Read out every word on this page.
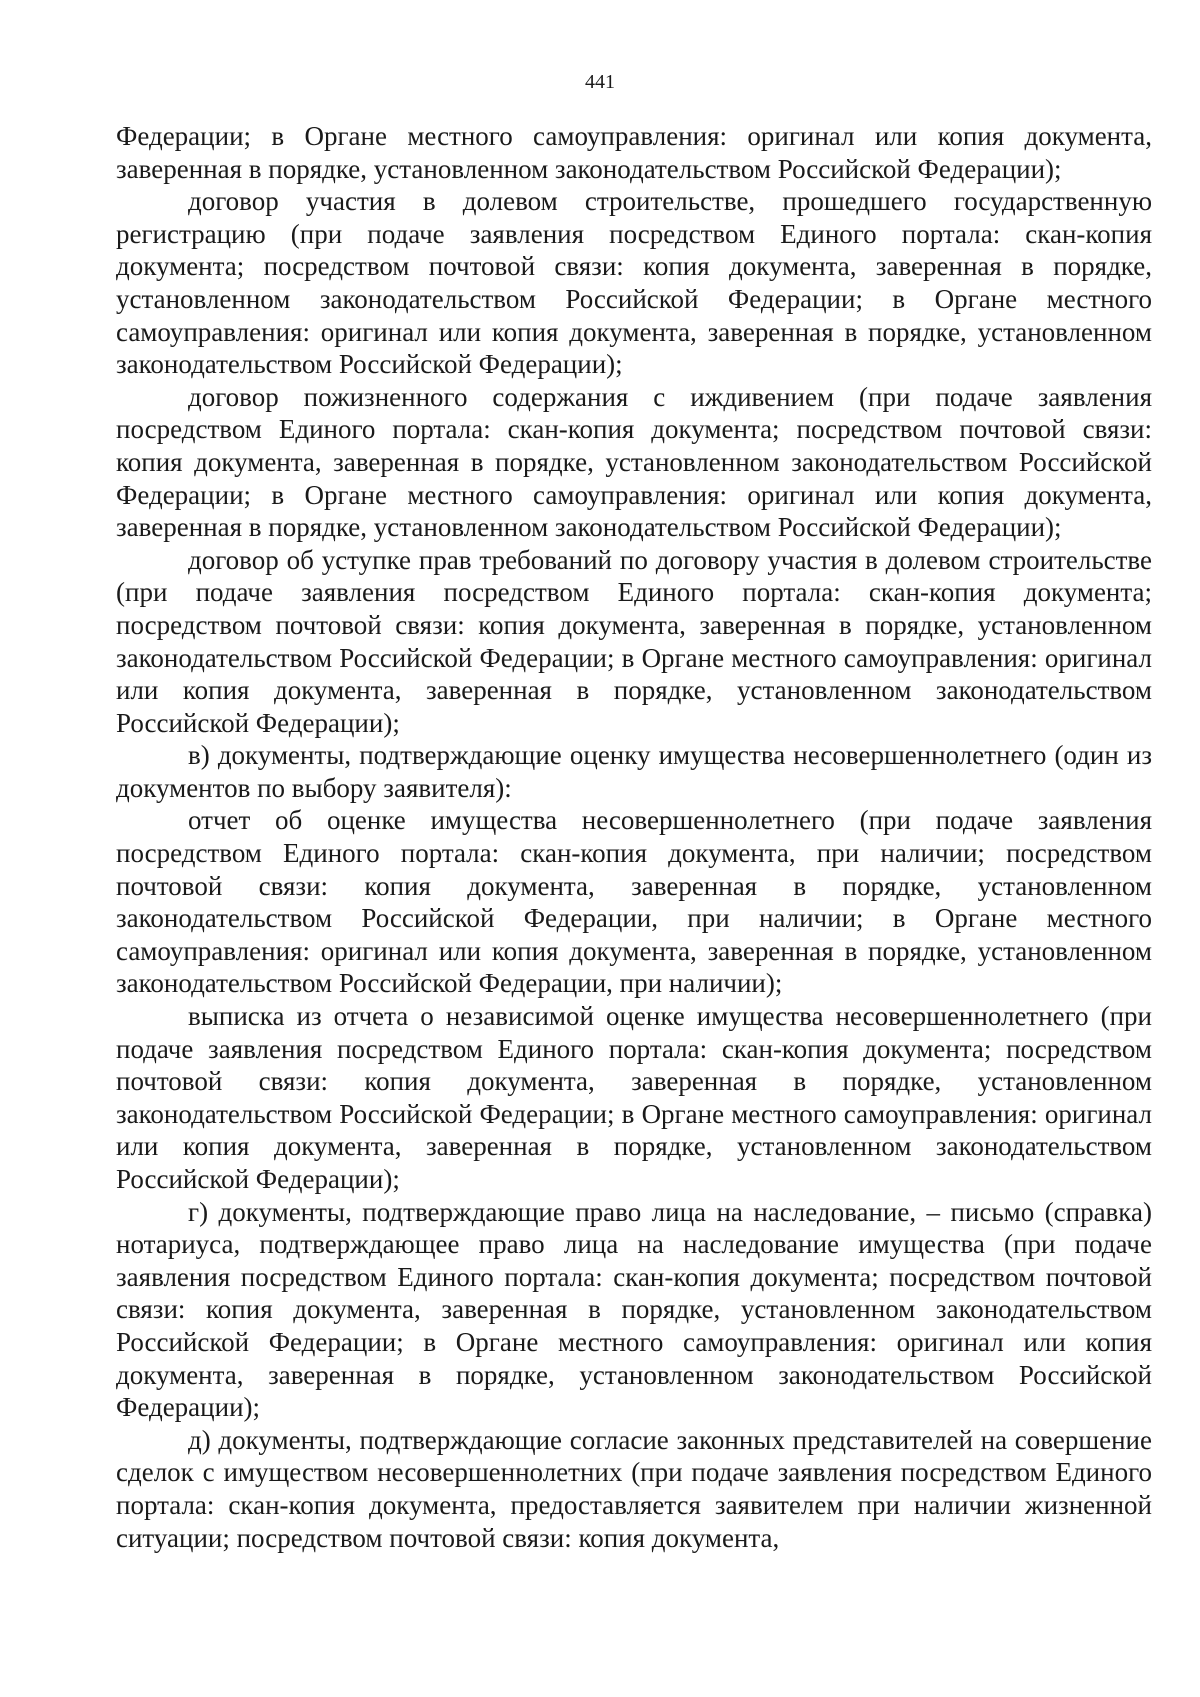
441

Федерации; в Органе местного самоуправления: оригинал или копия документа, заверенная в порядке, установленном законодательством Российской Федерации);

договор участия в долевом строительстве, прошедшего государственную регистрацию (при подаче заявления посредством Единого портала: скан-копия документа; посредством почтовой связи: копия документа, заверенная в порядке, установленном законодательством Российской Федерации; в Органе местного самоуправления: оригинал или копия документа, заверенная в порядке, установленном законодательством Российской Федерации);

договор пожизненного содержания с иждивением (при подаче заявления посредством Единого портала: скан-копия документа; посредством почтовой связи: копия документа, заверенная в порядке, установленном законодательством Российской Федерации; в Органе местного самоуправления: оригинал или копия документа, заверенная в порядке, установленном законодательством Российской Федерации);

договор об уступке прав требований по договору участия в долевом строительстве (при подаче заявления посредством Единого портала: скан-копия документа; посредством почтовой связи: копия документа, заверенная в порядке, установленном законодательством Российской Федерации; в Органе местного самоуправления: оригинал или копия документа, заверенная в порядке, установленном законодательством Российской Федерации);

в) документы, подтверждающие оценку имущества несовершеннолетнего (один из документов по выбору заявителя):

отчет об оценке имущества несовершеннолетнего (при подаче заявления посредством Единого портала: скан-копия документа, при наличии; посредством почтовой связи: копия документа, заверенная в порядке, установленном законодательством Российской Федерации, при наличии; в Органе местного самоуправления: оригинал или копия документа, заверенная в порядке, установленном законодательством Российской Федерации, при наличии);

выписка из отчета о независимой оценке имущества несовершеннолетнего (при подаче заявления посредством Единого портала: скан-копия документа; посредством почтовой связи: копия документа, заверенная в порядке, установленном законодательством Российской Федерации; в Органе местного самоуправления: оригинал или копия документа, заверенная в порядке, установленном законодательством Российской Федерации);

г) документы, подтверждающие право лица на наследование, – письмо (справка) нотариуса, подтверждающее право лица на наследование имущества (при подаче заявления посредством Единого портала: скан-копия документа; посредством почтовой связи: копия документа, заверенная в порядке, установленном законодательством Российской Федерации; в Органе местного самоуправления: оригинал или копия документа, заверенная в порядке, установленном законодательством Российской Федерации);

д) документы, подтверждающие согласие законных представителей на совершение сделок с имуществом несовершеннолетних (при подаче заявления посредством Единого портала: скан-копия документа, предоставляется заявителем при наличии жизненной ситуации; посредством почтовой связи: копия документа,
